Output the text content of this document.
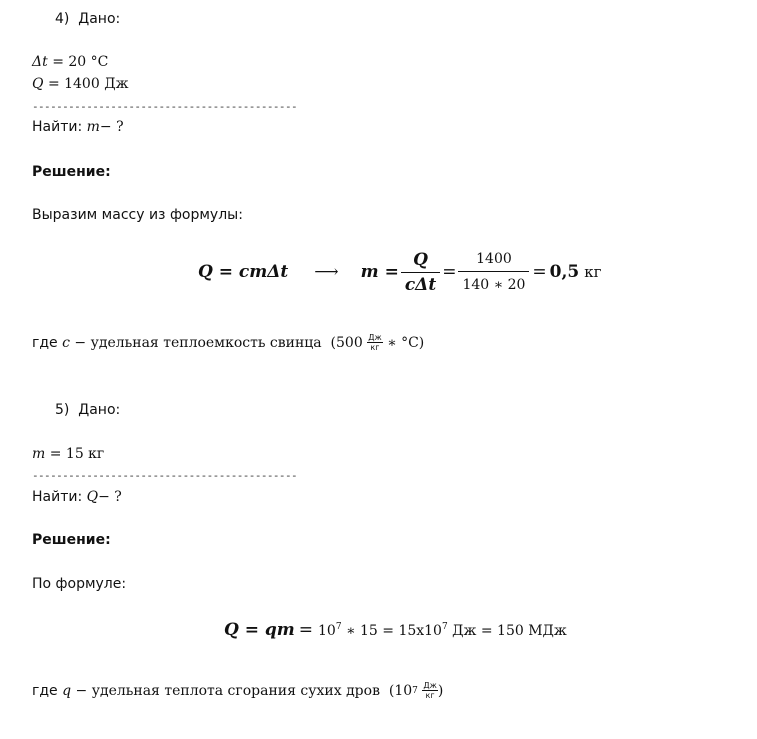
4) Дано:
Δt = 20 °C
Q = 1400 Дж
--------------------------------------------
Найти: m− ?
Решение:
Выразим массу из формулы:
Q = cmΔt ⟶ $m = \frac{Q}{\text{cΔt}} = \frac{1400}{140 ∗ 20} = 0,5$ кг
где
c
− удельная теплоемкость свинца
(500
$\frac{Дж}{кг}$
∗ °C)
5) Дано:
m = 15 кг
--------------------------------------------
Найти: Q− ?
Решение:
По формуле:
Q = qm = $10^7$ ∗ $15 = 15x10^7$ Дж = 150 МДж
где
q
− удельная теплота сгорания сухих дров
(10 7
$\frac{Дж}{кг}$ )
